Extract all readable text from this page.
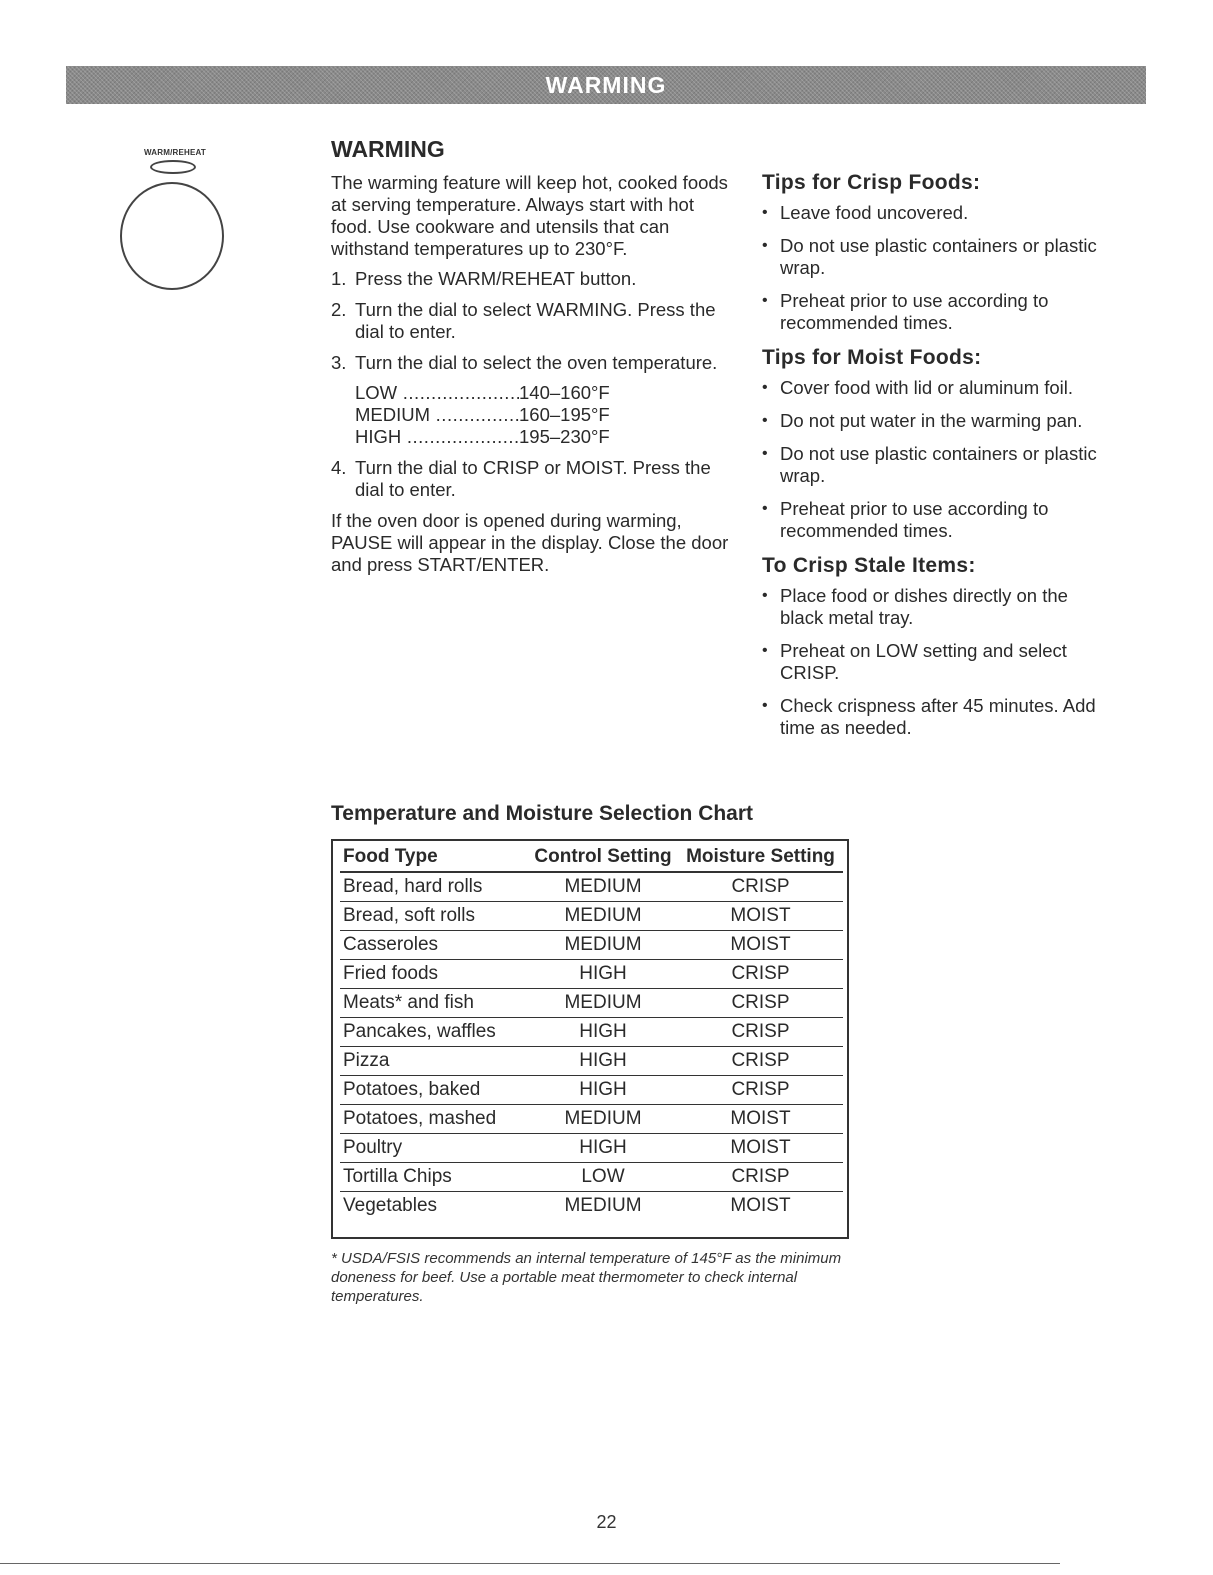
WARMING
WARM/REHEAT	WARMING

The warming feature will keep hot, cooked foods at serving temperature. Always start with hot food. Use cookware and utensils that can withstand temperatures up to 230°F.

1. Press the WARM/REHEAT button.
2. Turn the dial to select WARMING. Press the dial to enter.
3. Turn the dial to select the oven temperature.
LOW .....	140–160°F
MEDIUM .....	160–195°F
HIGH .....	195–230°F
4. Turn the dial to CRISP or MOIST. Press the dial to enter.

If the oven door is opened during warming, PAUSE will appear in the display. Close the door and press START/ENTER.

Tips for Crisp Foods:
• Leave food uncovered.
• Do not use plastic containers or plastic wrap.
• Preheat prior to use according to recommended times.
Tips for Moist Foods:
• Cover food with lid or aluminum foil.
• Do not put water in the warming pan.
• Do not use plastic containers or plastic wrap.
• Preheat prior to use according to recommended times.
To Crisp Stale Items:
• Place food or dishes directly on the black metal tray.
• Preheat on LOW setting and select CRISP.
• Check crispness after 45 minutes. Add time as needed.
Temperature and Moisture Selection Chart
Food Type	Control Setting	Moisture Setting
Bread, hard rolls	MEDIUM	CRISP
Bread, soft rolls	MEDIUM	MOIST
Casseroles	MEDIUM	MOIST
Fried foods	HIGH	CRISP
Meats* and fish	MEDIUM	CRISP
Pancakes, waffles	HIGH	CRISP
Pizza	HIGH	CRISP
Potatoes, baked	HIGH	CRISP
Potatoes, mashed	MEDIUM	MOIST
Poultry	HIGH	MOIST
Tortilla Chips	LOW	CRISP
Vegetables	MEDIUM	MOIST
* USDA/FSIS recommends an internal temperature of 145°F as the minimum doneness for beef. Use a portable meat thermometer to check internal temperatures.
22
